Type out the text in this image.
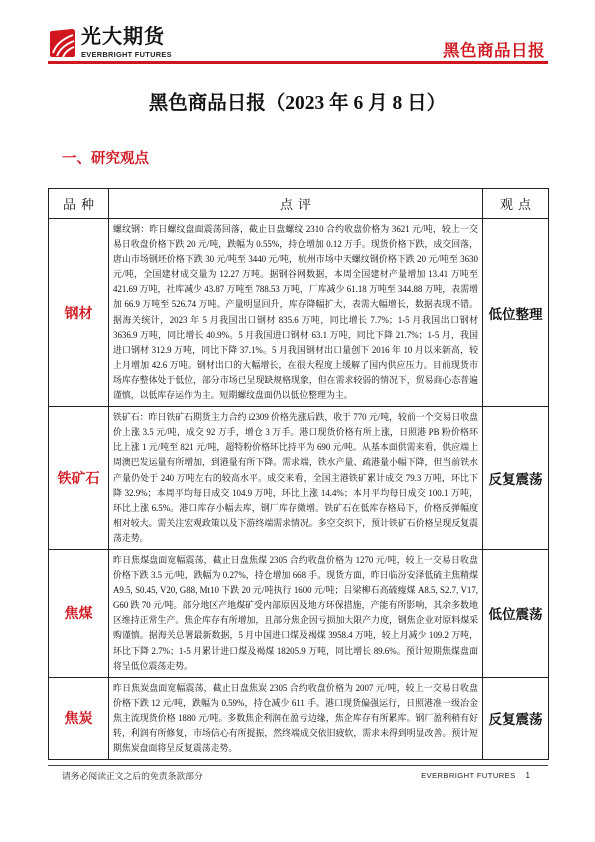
光大期货
EVERBRIGHT FUTURES	黑色商品日报
黑色商品日报（2023 年 6 月 8 日）
一、研究观点
品种	点评	观点
钢材	螺纹钢：昨日螺纹盘面震荡回落，截止日盘螺纹 2310 合约收盘价格为 3621 元/吨，较上一交易日收盘价格下跌 20 元/吨，跌幅为 0.55%，持仓增加 0.12 万手。现货价格下跌，成交回落，唐山市场钢坯价格下跌 30 元/吨至 3440 元/吨，杭州市场中天螺纹钢价格下跌 20 元/吨至 3630 元/吨，全国建材成交量为 12.27 万吨。据钢谷网数据，本周全国建材产量增加 13.41 万吨至 421.69 万吨，社库减少 43.87 万吨至 788.53 万吨，厂库减少 61.18 万吨至 344.88 万吨，表需增加 66.9 万吨至 526.74 万吨。产量明显回升，库存降幅扩大，表需大幅增长，数据表现不错。据海关统计，2023 年 5 月我国出口钢材 835.6 万吨，同比增长 7.7%；1-5 月我国出口钢材 3636.9 万吨，同比增长 40.9%。5 月我国进口钢材 63.1 万吨，同比下降 21.7%；1-5 月，我国进口钢材 312.9 万吨，同比下降 37.1%。5 月我国钢材出口量创下 2016 年 10 月以来新高，较上月增加 42.6 万吨。钢材出口的大幅增长，在很大程度上缓解了国内供应压力。目前现货市场库存整体处于低位，部分市场已呈现缺规格现象，但在需求较弱的情况下，贸易商心态普遍谨慎，以低库存运作为主。短期螺纹盘面仍以低位整理为主。	低位整理
铁矿石	铁矿石：昨日铁矿石期货主力合约 i2309 价格先涨后跌，收于 770 元/吨，较前一个交易日收盘价上涨 3.5 元/吨，成交 92 万手，增仓 3 万手。港口现货价格有所上涨，日照港 PB 粉价格环比上涨 1 元/吨至 821 元/吨，超特粉价格环比持平为 690 元/吨。从基本面供需来看，供应端上周澳巴发运量有所增加，到港量有所下降。需求端，铁水产量、疏港量小幅下降，但当前铁水产量仍处于 240 万吨左右的较高水平。成交来看，全国主港铁矿累计成交 79.3 万吨，环比下降 32.9%；本周平均每日成交 104.9 万吨，环比上涨 14.4%；本月平均每日成交 100.1 万吨，环比上涨 6.5%。港口库存小幅去库，钢厂库存微增。铁矿石在低库存格局下，价格反弹幅度相对较大。需关注宏观政策以及下游终端需求情况。多空交织下，预计铁矿石价格呈现反复震荡走势。	反复震荡
焦煤	昨日焦煤盘面宽幅震荡，截止日盘焦煤 2305 合约收盘价格为 1270 元/吨，较上一交易日收盘价格下跌 3.5 元/吨，跌幅为 0.27%，持仓增加 668 手。现货方面，昨日临汾安泽低硫主焦精煤 A9.5, S0.45, V20, G88, Mt10 下跌 20 元/吨执行 1600 元/吨；吕梁柳石高硫瘦煤 A8.5, S2.7, V17, G60 跌 70 元/吨。部分地区产地煤矿受内部原因及地方环保措施，产能有所影响，其余多数地区维持正常生产。焦企库存有所增加，且部分焦企因亏损加大限产力度，钢焦企业对原料煤采购谨慎。据海关总署最新数据，5 月中国进口煤及褐煤 3958.4 万吨，较上月减少 109.2 万吨，环比下降 2.7%；1-5 月累计进口煤及褐煤 18205.9 万吨，同比增长 89.6%。预计短期焦煤盘面将呈低位震荡走势。	低位震荡
焦炭	昨日焦炭盘面宽幅震荡，截止日盘焦炭 2305 合约收盘价格为 2007 元/吨，较上一交易日收盘价格下跌 12 元/吨，跌幅为 0.59%，持仓减少 611 手。港口现货偏强运行，日照港准一级冶金焦主流现货价格 1880 元/吨。多数焦企利润在盈亏边缘，焦企库存有所累库。钢厂盈利稍有好转，利润有所修复，市场信心有所提振，然终端成交依旧疲软，需求未得到明显改善。预计短期焦炭盘面将呈反复震荡走势。	反复震荡
请务必阅读正文之后的免责条款部分	EVERBRIGHT FUTURES 1
